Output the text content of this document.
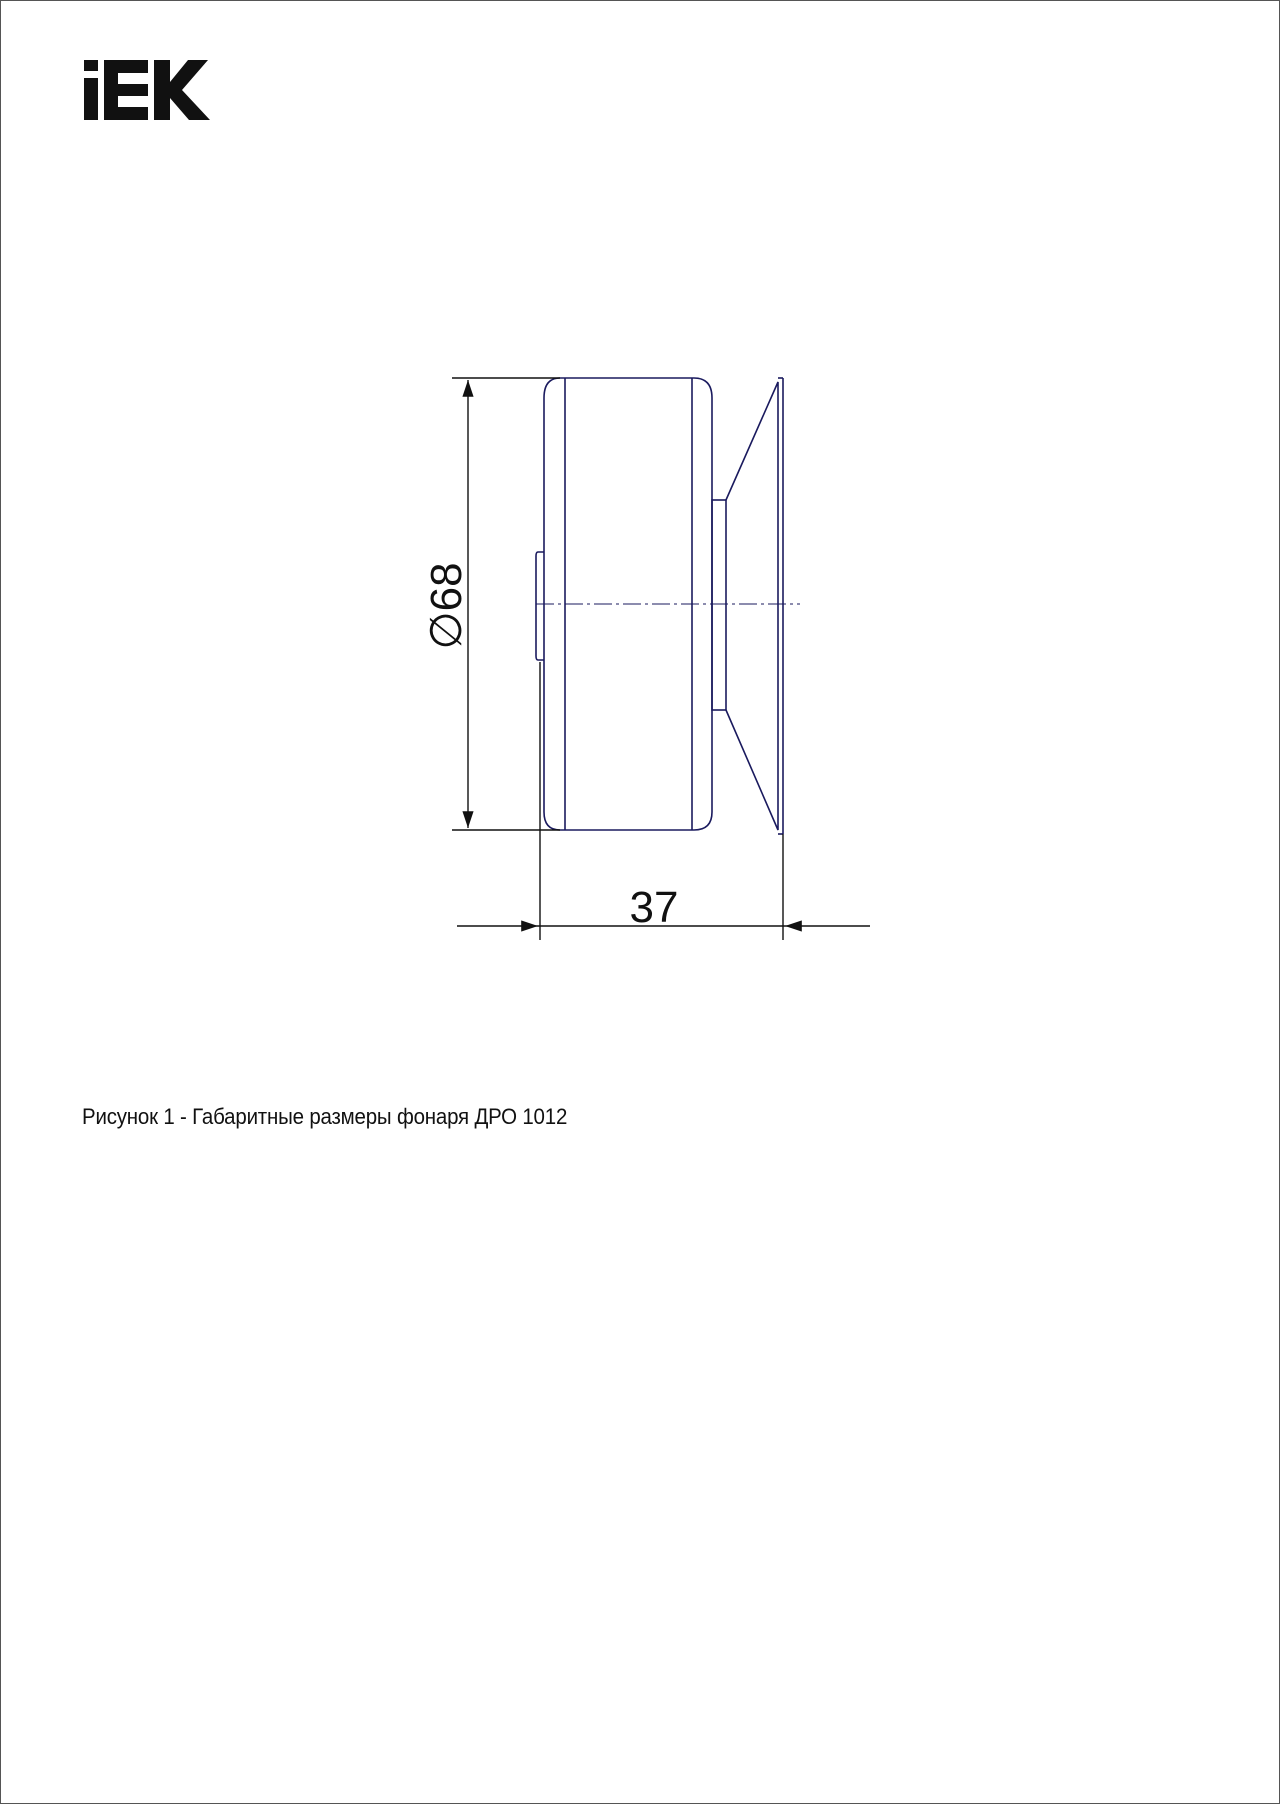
∅68
37
Рисунок 1 - Габаритные размеры фонаря ДРО 1012
